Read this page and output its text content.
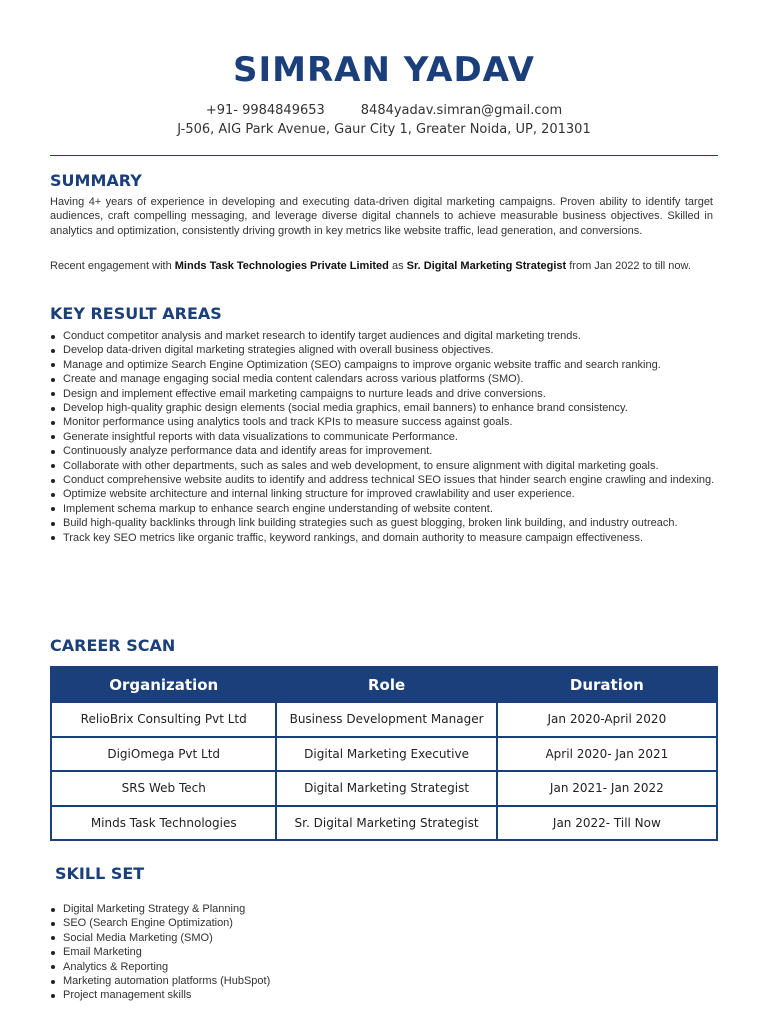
SIMRAN YADAV
+91- 9984849653	8484yadav.simran@gmail.com
J-506, AIG Park Avenue, Gaur City 1, Greater Noida, UP, 201301
SUMMARY
Having 4+ years of experience in developing and executing data-driven digital marketing campaigns. Proven ability to identify target audiences, craft compelling messaging, and leverage diverse digital channels to achieve measurable business objectives. Skilled in analytics and optimization, consistently driving growth in key metrics like website traffic, lead generation, and conversions.
Recent engagement with Minds Task Technologies Private Limited as Sr. Digital Marketing Strategist from Jan 2022 to till now.
KEY RESULT AREAS
Conduct competitor analysis and market research to identify target audiences and digital marketing trends.
Develop data-driven digital marketing strategies aligned with overall business objectives.
Manage and optimize Search Engine Optimization (SEO) campaigns to improve organic website traffic and search ranking.
Create and manage engaging social media content calendars across various platforms (SMO).
Design and implement effective email marketing campaigns to nurture leads and drive conversions.
Develop high-quality graphic design elements (social media graphics, email banners) to enhance brand consistency.
Monitor performance using analytics tools and track KPIs to measure success against goals.
Generate insightful reports with data visualizations to communicate Performance.
Continuously analyze performance data and identify areas for improvement.
Collaborate with other departments, such as sales and web development, to ensure alignment with digital marketing goals.
Conduct comprehensive website audits to identify and address technical SEO issues that hinder search engine crawling and indexing.
Optimize website architecture and internal linking structure for improved crawlability and user experience.
Implement schema markup to enhance search engine understanding of website content.
Build high-quality backlinks through link building strategies such as guest blogging, broken link building, and industry outreach.
Track key SEO metrics like organic traffic, keyword rankings, and domain authority to measure campaign effectiveness.
CAREER SCAN
Organization	Role	Duration
RelioBrix Consulting Pvt Ltd	Business Development Manager	Jan 2020-April 2020
DigiOmega Pvt Ltd	Digital Marketing Executive	April 2020- Jan 2021
SRS Web Tech	Digital Marketing Strategist	Jan 2021- Jan 2022
Minds Task Technologies	Sr. Digital Marketing Strategist	Jan 2022- Till Now
SKILL SET
Digital Marketing Strategy & Planning
SEO (Search Engine Optimization)
Social Media Marketing (SMO)
Email Marketing
Analytics & Reporting
Marketing automation platforms (HubSpot)
Project management skills
